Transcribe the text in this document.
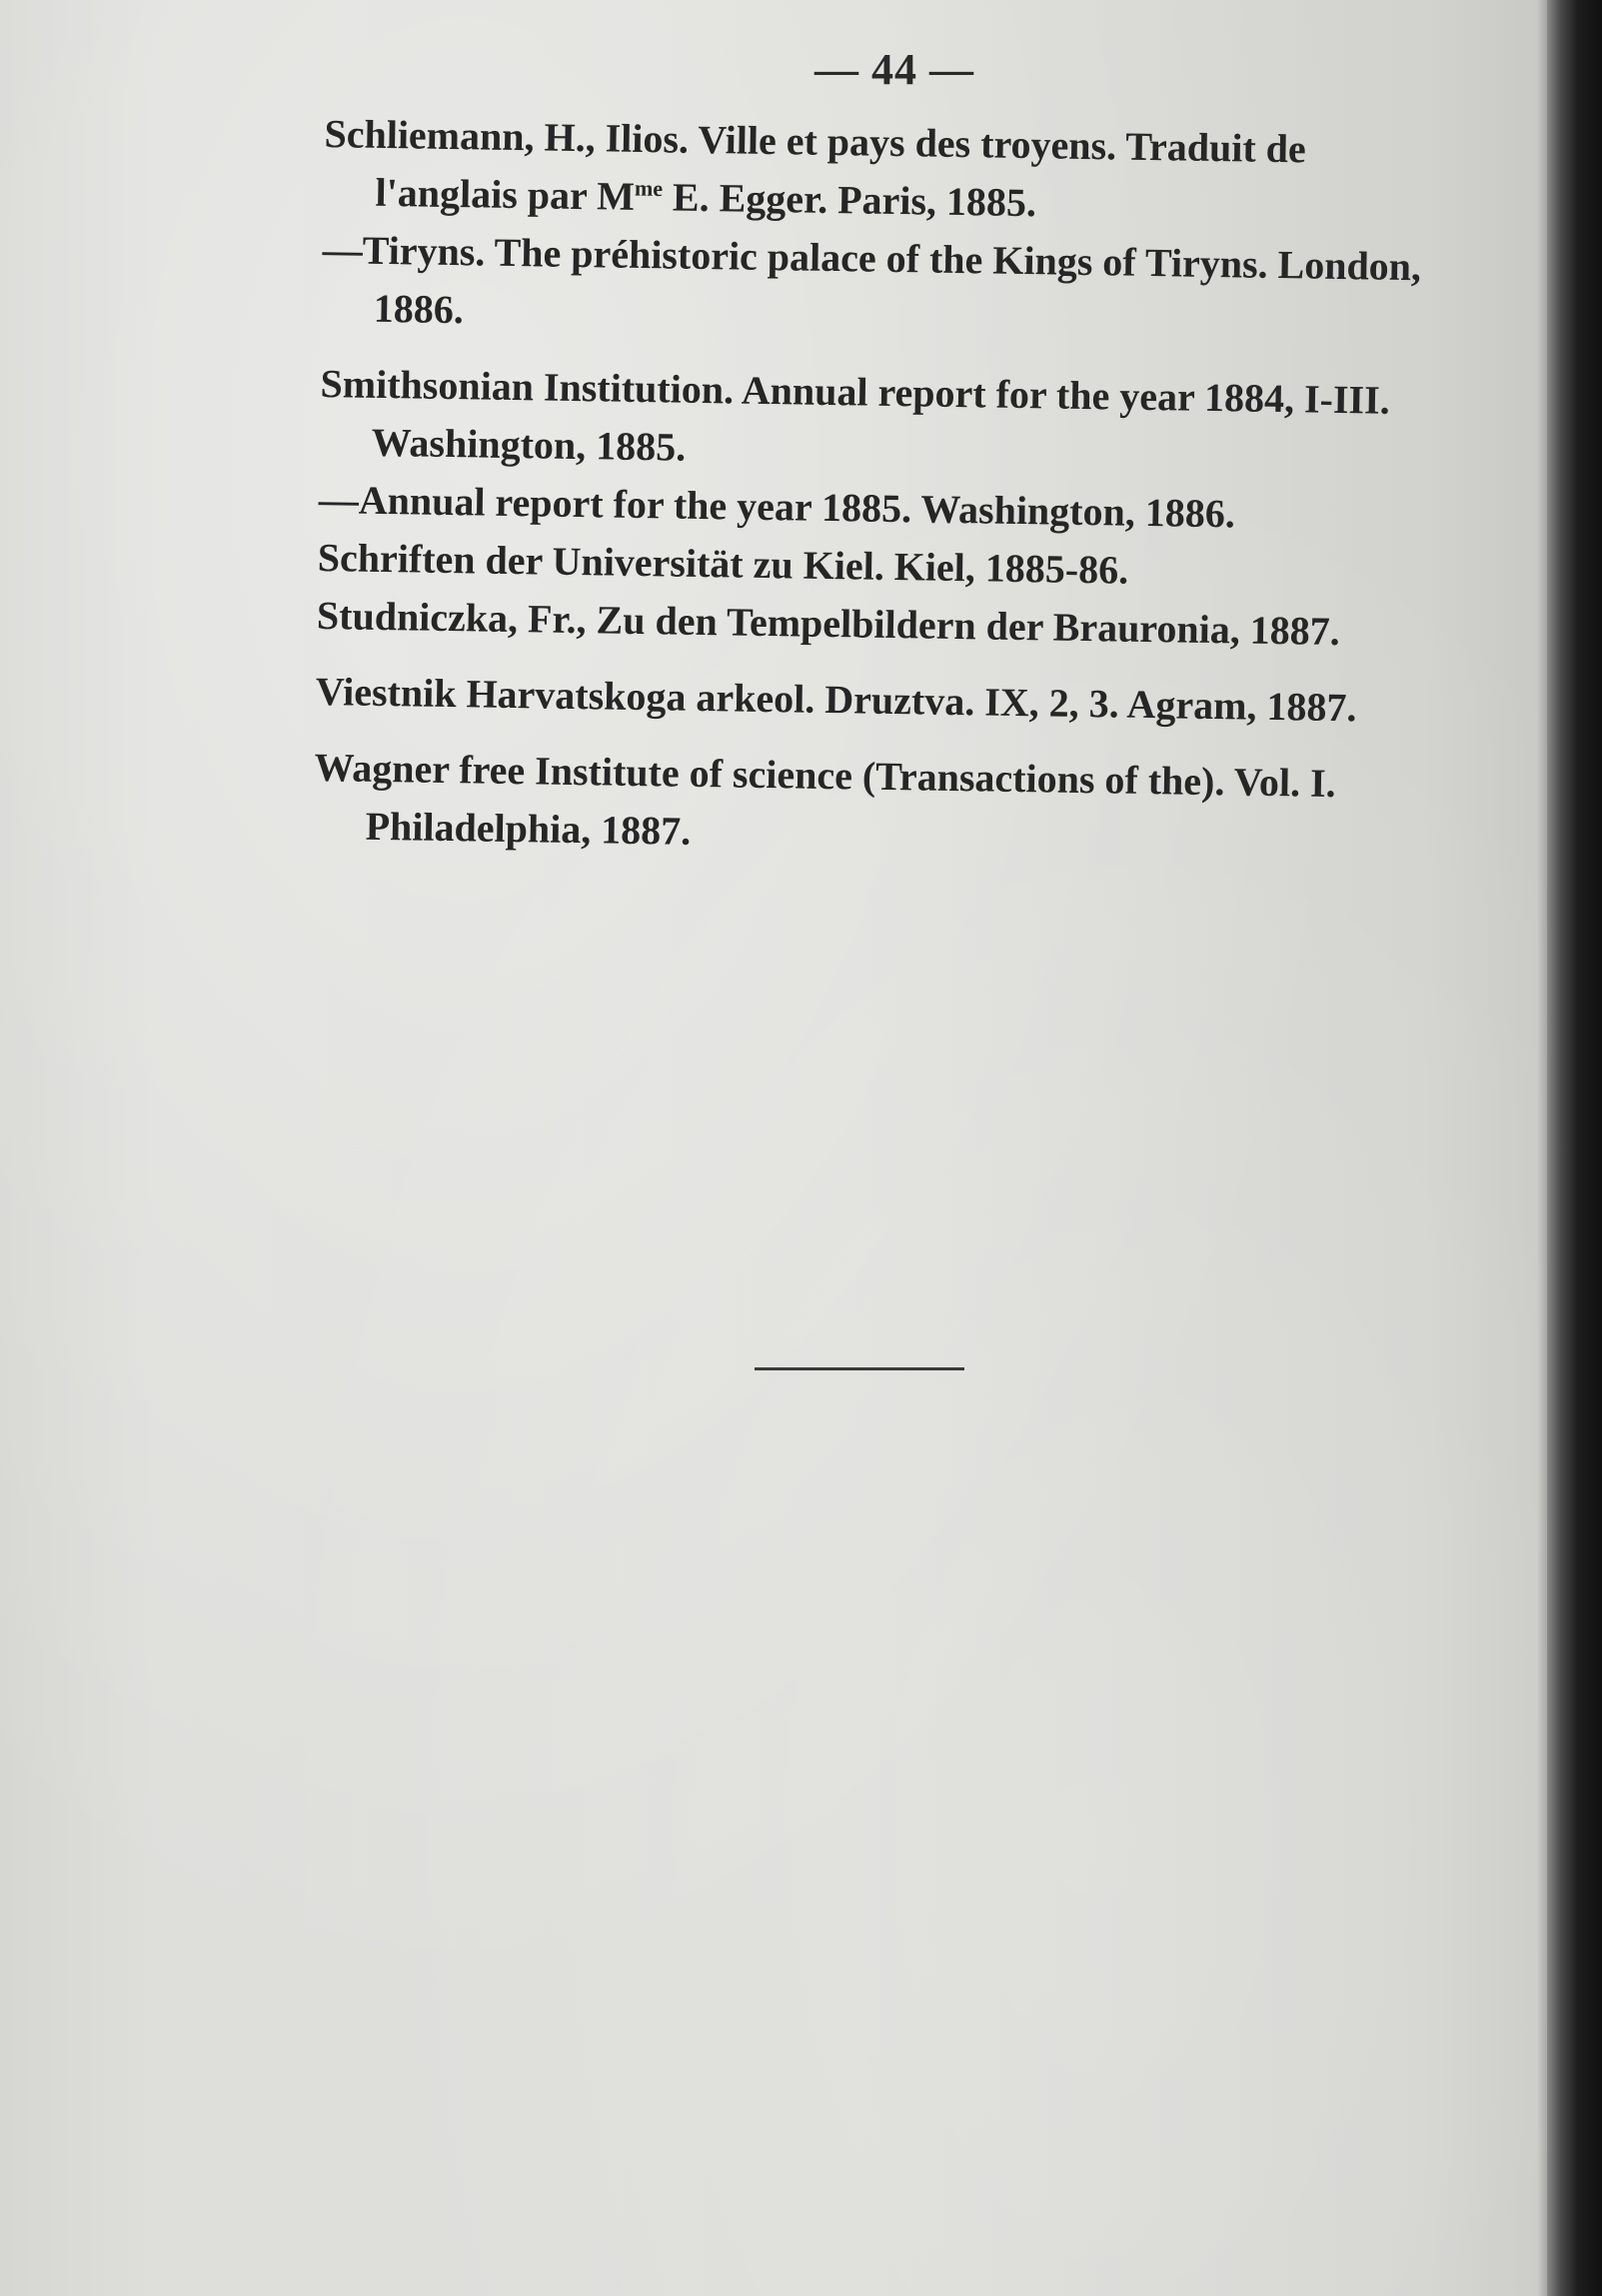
— 44 —

Schliemann, H., Ilios. Ville et pays des troyens. Traduit de l'anglais par $M^{me}$ E. Egger. Paris, 1885.

—Tiryns. The préhistoric palace of the Kings of Tiryns. London, 1886.

Smithsonian Institution. Annual report for the year 1884, I-III. Washington, 1885.

—Annual report for the year 1885. Washington, 1886.

Schriften der Universität zu Kiel. Kiel, 1885-86.

Studniczka, Fr., Zu den Tempelbildern der Brauronia, 1887.

Viestnik Harvatskoga arkeol. Druztva. IX, 2, 3. Agram, 1887.

Wagner free Institute of science (Transactions of the). Vol. I. Philadelphia, 1887.
